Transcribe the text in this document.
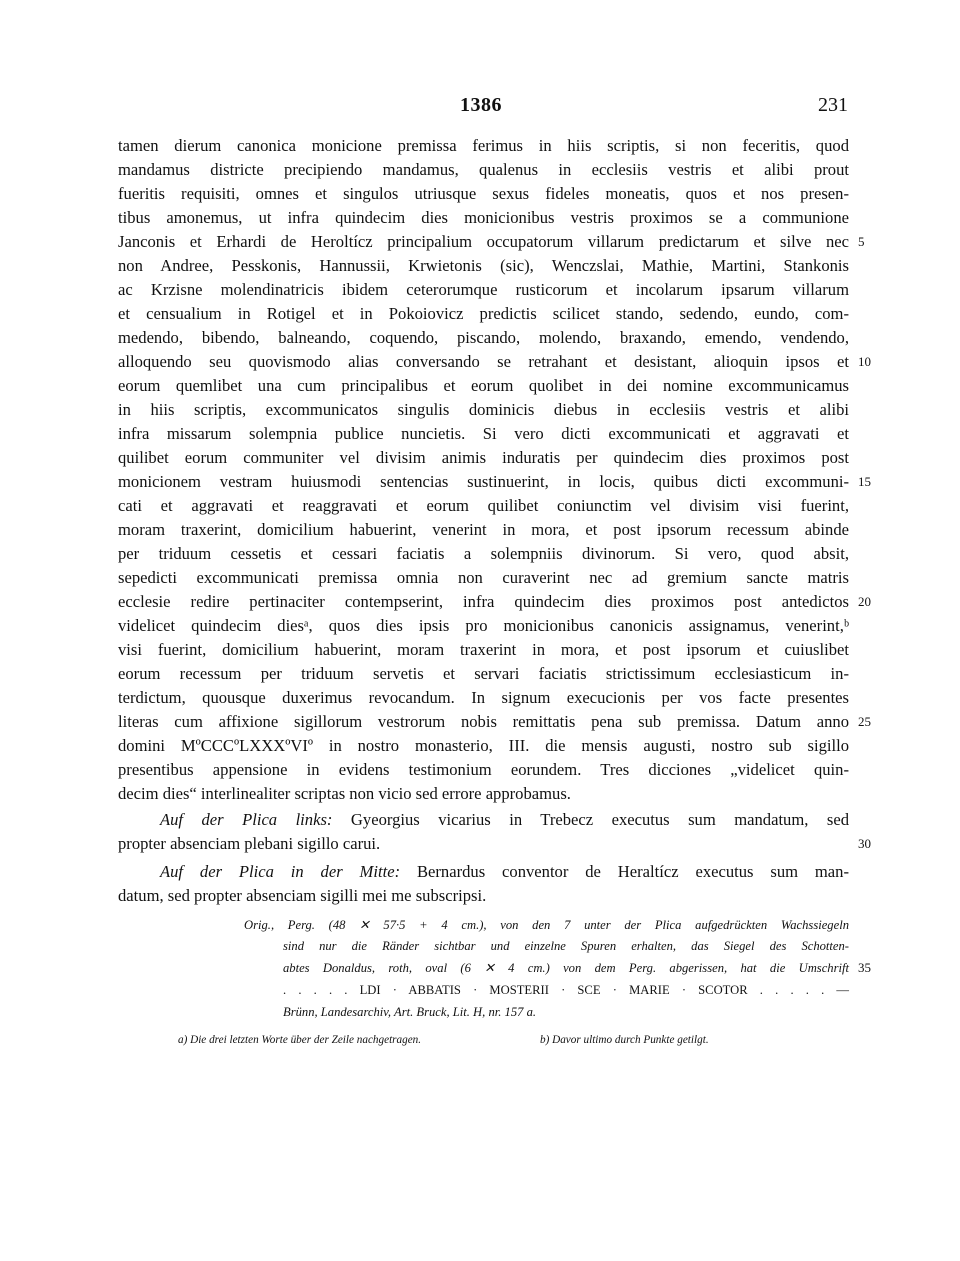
1386	231
tamen dierum canonica monicione premissa ferimus in hiis scriptis, si non feceritis, quod
mandamus districte precipiendo mandamus, qualenus in ecclesiis vestris et alibi prout
fueritis requisiti, omnes et singulos utriusque sexus fideles moneatis, quos et nos presen-
tibus amonemus, ut infra quindecim dies monicionibus vestris proximos se a communione
Janconis et Erhardi de Heroltícz principalium occupatorum villarum predictarum et silve nec
non Andree, Pesskonis, Hannussii, Krwietonis (sic), Wenczslai, Mathie, Martini, Stankonis
ac Krzisne molendinatricis ibidem ceterorumque rusticorum et incolarum ipsarum villarum
et censualium in Rotigel et in Pokoiovicz predictis scilicet stando, sedendo, eundo, com-
medendo, bibendo, balneando, coquendo, piscando, molendo, braxando, emendo, vendendo,
alloquendo seu quovismodo alias conversando se retrahant et desistant, alioquin ipsos et
eorum quemlibet una cum principalibus et eorum quolibet in dei nomine excommunicamus
in hiis scriptis, excommunicatos singulis dominicis diebus in ecclesiis vestris et alibi
infra missarum solempnia publice nuncietis. Si vero dicti excommunicati et aggravati et
quilibet eorum communiter vel divisim animis induratis per quindecim dies proximos post
monicionem vestram huiusmodi sentencias sustinuerint, in locis, quibus dicti excommuni-
cati et aggravati et reaggravati et eorum quilibet coniunctim vel divisim visi fuerint,
moram traxerint, domicilium habuerint, venerint in mora, et post ipsorum recessum abinde
per triduum cessetis et cessari faciatis a solempniis divinorum. Si vero, quod absit,
sepedicti excommunicati premissa omnia non curaverint nec ad gremium sancte matris
ecclesie redire pertinaciter contempserint, infra quindecim dies proximos post antedictos
videlicet quindecim diesᵃ, quos dies ipsis pro monicionibus canonicis assignamus, venerint,ᵇ
visi fuerint, domicilium habuerint, moram traxerint in mora, et post ipsorum et cuiuslibet
eorum recessum per triduum servetis et servari faciatis strictissimum ecclesiasticum in-
terdictum, quousque duxerimus revocandum. In signum execucionis per vos facte presentes
literas cum affixione sigillorum vestrorum nobis remittatis pena sub premissa. Datum anno
domini MºCCCºLXXXºVIº in nostro monasterio, III. die mensis augusti, nostro sub sigillo
presentibus appensione in evidens testimonium eorundem. Tres dicciones „videlicet quin-
decim dies“ interlinealiter scriptas non vicio sed errore approbamus.
Auf der Plica links: Gyeorgius vicarius in Trebecz executus sum mandatum, sed
propter absenciam plebani sigillo carui.
Auf der Plica in der Mitte: Bernardus conventor de Heraltícz executus sum man-
datum, sed propter absenciam sigilli mei me subscripsi.
Orig., Perg. (48 ✕ 57·5 + 4 cm.), von den 7 unter der Plica aufgedrückten Wachssiegeln
sind nur die Ränder sichtbar und einzelne Spuren erhalten, das Siegel des Schotten-
abtes Donaldus, roth, oval (6 ✕ 4 cm.) von dem Perg. abgerissen, hat die Umschrift
. . . . . LDI · ABBATIS · MOSTERII · SCE · MARIE · SCOTOR . . . . . —
Brünn, Landesarchiv, Art. Bruck, Lit. H, nr. 157 a.
a) Die drei letzten Worte über der Zeile nachgetragen.	b) Davor ultimo durch Punkte getilgt.
5
10
15
20
25
30
35
